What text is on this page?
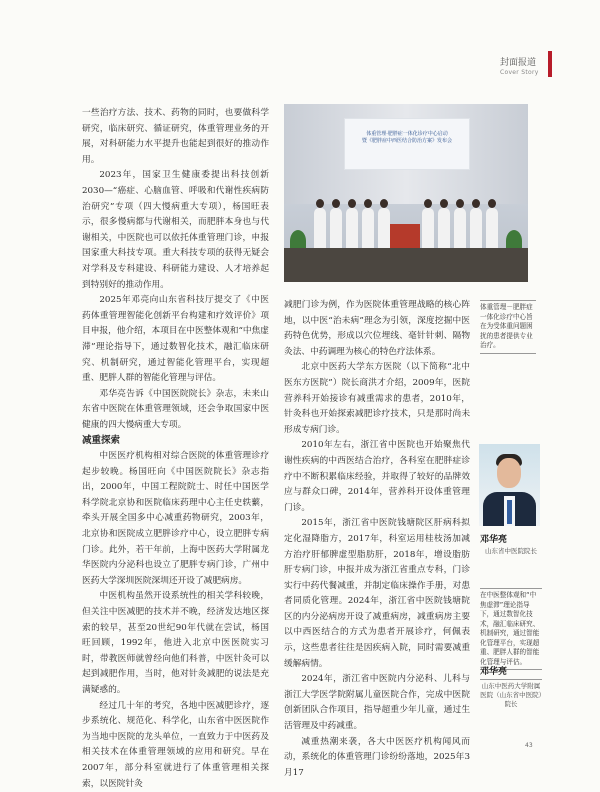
封面报道
Cover Story

一些治疗方法、技术、药物的同时，也要做科学研究，临床研究、循证研究，体重管理业务的开展，对科研能力水平提升也能起到很好的推动作用。

2023年，国家卫生健康委提出科技创新2030—“癌症、心脑血管、呼吸和代谢性疾病防治研究”专项（四大慢病重大专项），杨国旺表示，很多慢病都与代谢相关，而肥胖本身也与代谢相关，中医院也可以依托体重管理门诊，申报国家重大科技专项。重大科技专项的获得无疑会对学科及专科建设、科研能力建设、人才培养起到特别好的推动作用。

2025年邓亮向山东省科技厅提交了《中医药体重管理智能化创新平台构建和疗效评价》项目申报，他介绍，本项目在中医整体观和“中焦虚滞”理论指导下，通过数智化技术，融汇临床研究、机制研究，通过智能化管理平台，实现超重、肥胖人群的智能化管理与评估。

邓华亮告诉《中国医院院长》杂志，未来山东省中医院在体重管理领域，还会争取国家中医健康的四大慢病重大专项。

减重探索

中医医疗机构相对综合医院的体重管理诊疗起步较晚。杨国旺向《中国医院院长》杂志指出，2000年，中国工程院院士、时任中国医学科学院北京协和医院临床药理中心主任史轶蘩，牵头开展全国多中心减重药物研究，2003年，北京协和医院成立肥胖诊疗中心，设立肥胖专病门诊。此外，若干年前，上海中医药大学附属龙华医院内分泌科也设立了肥胖专病门诊，广州中医药大学深圳医院深圳还开设了减肥病房。

中医机构虽然开设系统性的相关学科较晚，但关注中医减肥的技术并不晚，经济发达地区探索的较早，甚至20世纪90年代就在尝试，杨国旺回顾，1992年，他进入北京中医医院实习时，带教医师就曾经向他们科普，中医针灸可以起到减肥作用，当时，他对针灸减肥的说法是充满疑惑的。

经过几十年的考究，各地中医减肥诊疗，逐步系统化、规范化、科学化，山东省中医医院作为当地中医院的龙头单位，一直致力于中医药及相关技术在体重管理领域的应用和研究。早在2007年，部分科室就进行了体重管理相关探索，以医院针灸

体重管理·肥胖症一体化诊疗中心启动
暨《肥胖症中西医结合防治方案》发布会
体重管理－肥胖症一体化诊疗中心旨在为受体重问题困扰的患者提供专业治疗。

减肥门诊为例，作为医院体重管理战略的核心阵地，以中医“治未病”理念为引领，深度挖掘中医药特色优势，形成以穴位埋线、毫针针刺、隔物灸法、中药调理为核心的特色疗法体系。

北京中医药大学东方医院（以下简称“北中医东方医院”）院长商洪才介绍，2009年，医院营养科开始接诊有减重需求的患者，2010年，针灸科也开始探索减肥诊疗技术，只是那时尚未形成专病门诊。

2010年左右，浙江省中医院也开始聚焦代谢性疾病的中西医结合治疗，各科室在肥胖症诊疗中不断积累临床经验，并取得了较好的品牌效应与群众口碑，2014年，营养科开设体重管理门诊。

2015年，浙江省中医院钱塘院区肝病科拟定化湿降脂方，2017年，科室运用桂枝汤加减方治疗肝郁脾虚型脂肪肝，2018年，增设脂肪肝专病门诊，申报并成为浙江省重点专科，门诊实行中药代餐减重，并制定临床操作手册，对患者同质化管理。2024年，浙江省中医院钱塘院区的内分泌病房开设了减重病房，减重病房主要以中西医结合的方式为患者开展诊疗，何佩表示，这些患者往往是因疾病入院，同时需要减重缓解病情。

2024年，浙江省中医院内分泌科、儿科与浙江大学医学院附属儿童医院合作，完成中医院创新团队合作项目，指导超重少年儿童，通过生活管理及中药减重。

减重热潮来袭，各大中医医疗机构闻风而动，系统化的体重管理门诊纷纷落地，2025年3月17

邓华亮
山东省中医院院长
在中医整体观和“中焦虚滞”理论指导下，通过数智化技术，融汇临床研究、机制研究，通过智能化管理平台，实现超重、肥胖人群的智能化管理与评估。
邓华亮
山东中医药大学附属医院（山东省中医院）院长
43
